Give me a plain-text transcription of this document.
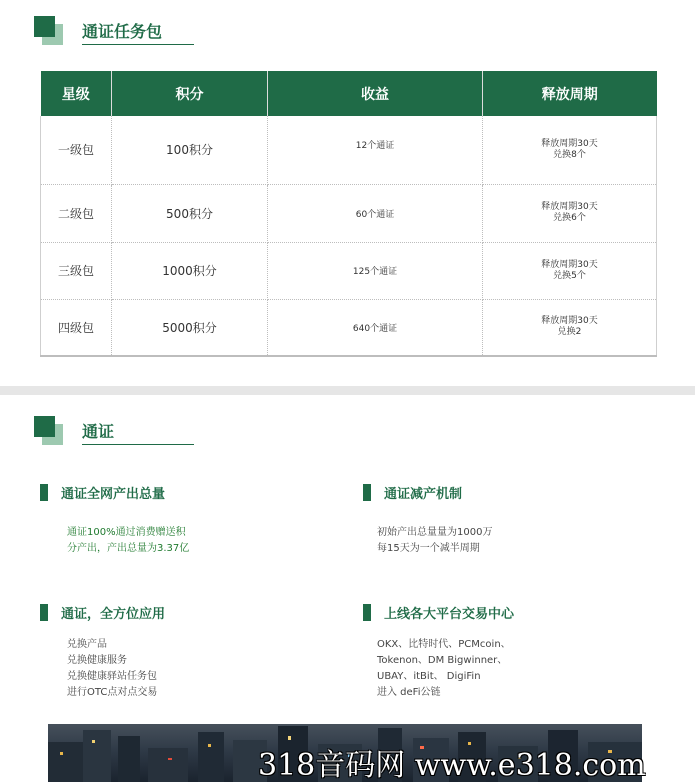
通证任务包
星级	积分	收益	释放周期
一级包	100积分	12个通证	释放周期30天
兑换8个

二级包	500积分	60个通证	释放周期30天
兑换6个

三级包	1000积分	125个通证	释放周期30天
兑换5个

四级包	5000积分	640个通证	释放周期30天
兑换2
通证
通证全网产出总量
通证100%通过消费赠送积
分产出，产出总量为3.37亿
通证减产机制
初始产出总量量为1000万
每15天为一个减半周期
通证，全方位应用
兑换产品
兑换健康服务
兑换健康驿站任务包
进行OTC点对点交易
上线各大平台交易中心
OKX、比特时代、PCMcoin、
Tokenon、DM Bigwinner、
UBAY、itBit、 DigiFin
进入 deFi公链
318音码网 www.e318.com
